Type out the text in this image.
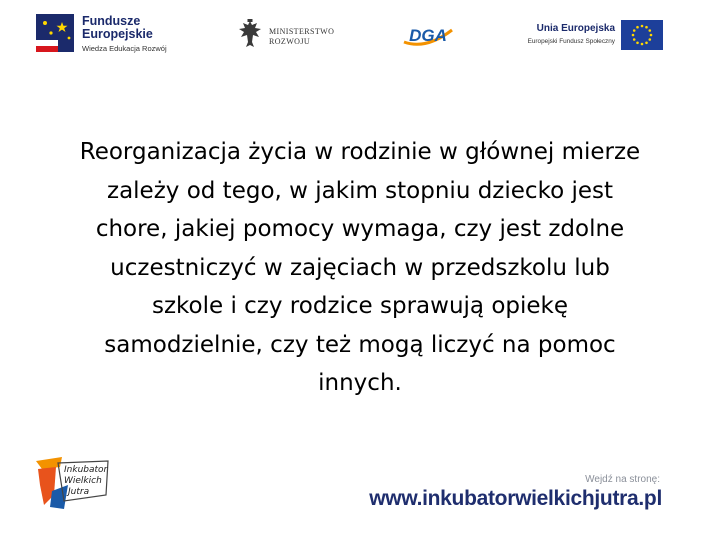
Fundusze
Europejskie
Wiedza Edukacja Rozwój
MINISTERSTWO
ROZWOJU	DGA	Unia Europejska
Europejski Fundusz Społeczny
Reorganizacja życia w rodzinie w głównej mierze
zależy od tego, w jakim stopniu dziecko jest
chore, jakiej pomocy wymaga, czy jest zdolne
uczestniczyć w zajęciach w przedszkolu lub
szkole i czy rodzice sprawują opiekę
samodzielnie, czy też mogą liczyć na pomoc
innych.
Inkubator
Wielkich
Jutra
Wejdź na stronę:
www.inkubatorwielkichjutra.pl
